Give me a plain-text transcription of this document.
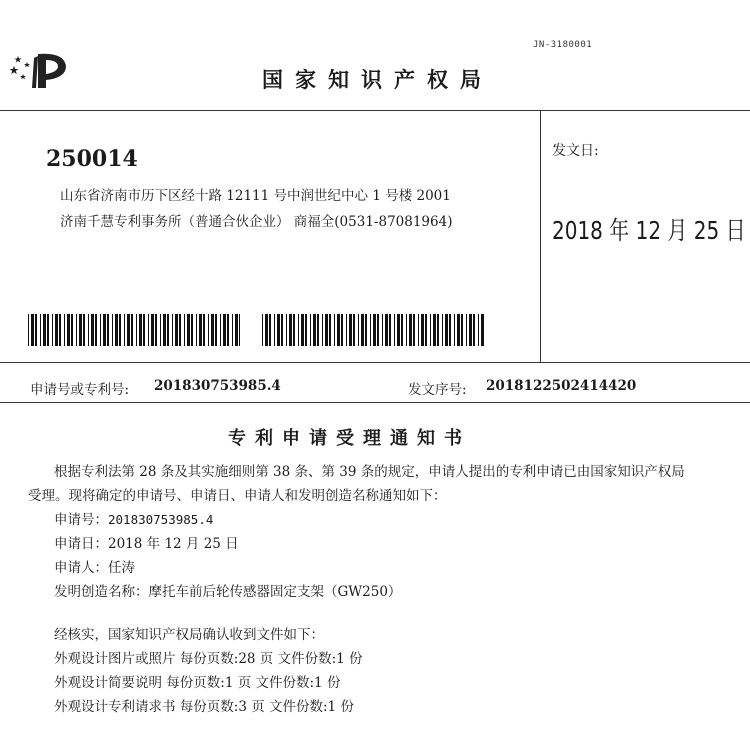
JN-3180001
国家知识产权局
250014
山东省济南市历下区经十路 12111 号中润世纪中心 1 号楼 2001
济南千慧专利事务所（普通合伙企业） 商福全(0531-87081964)
发文日:
2018 年 12 月 25 日
申请号或专利号: 201830753985.4	发文序号: 2018122502414420
专利申请受理通知书
根据专利法第 28 条及其实施细则第 38 条、第 39 条的规定，申请人提出的专利申请已由国家知识产权局
受理。现将确定的申请号、申请日、申请人和发明创造名称通知如下：
申请号：201830753985.4
申请日：2018 年 12 月 25 日
申请人：任涛
发明创造名称：摩托车前后轮传感器固定支架（GW250）
经核实，国家知识产权局确认收到文件如下：
外观设计图片或照片 每份页数:28 页 文件份数:1 份
外观设计简要说明 每份页数:1 页 文件份数:1 份
外观设计专利请求书 每份页数:3 页 文件份数:1 份
